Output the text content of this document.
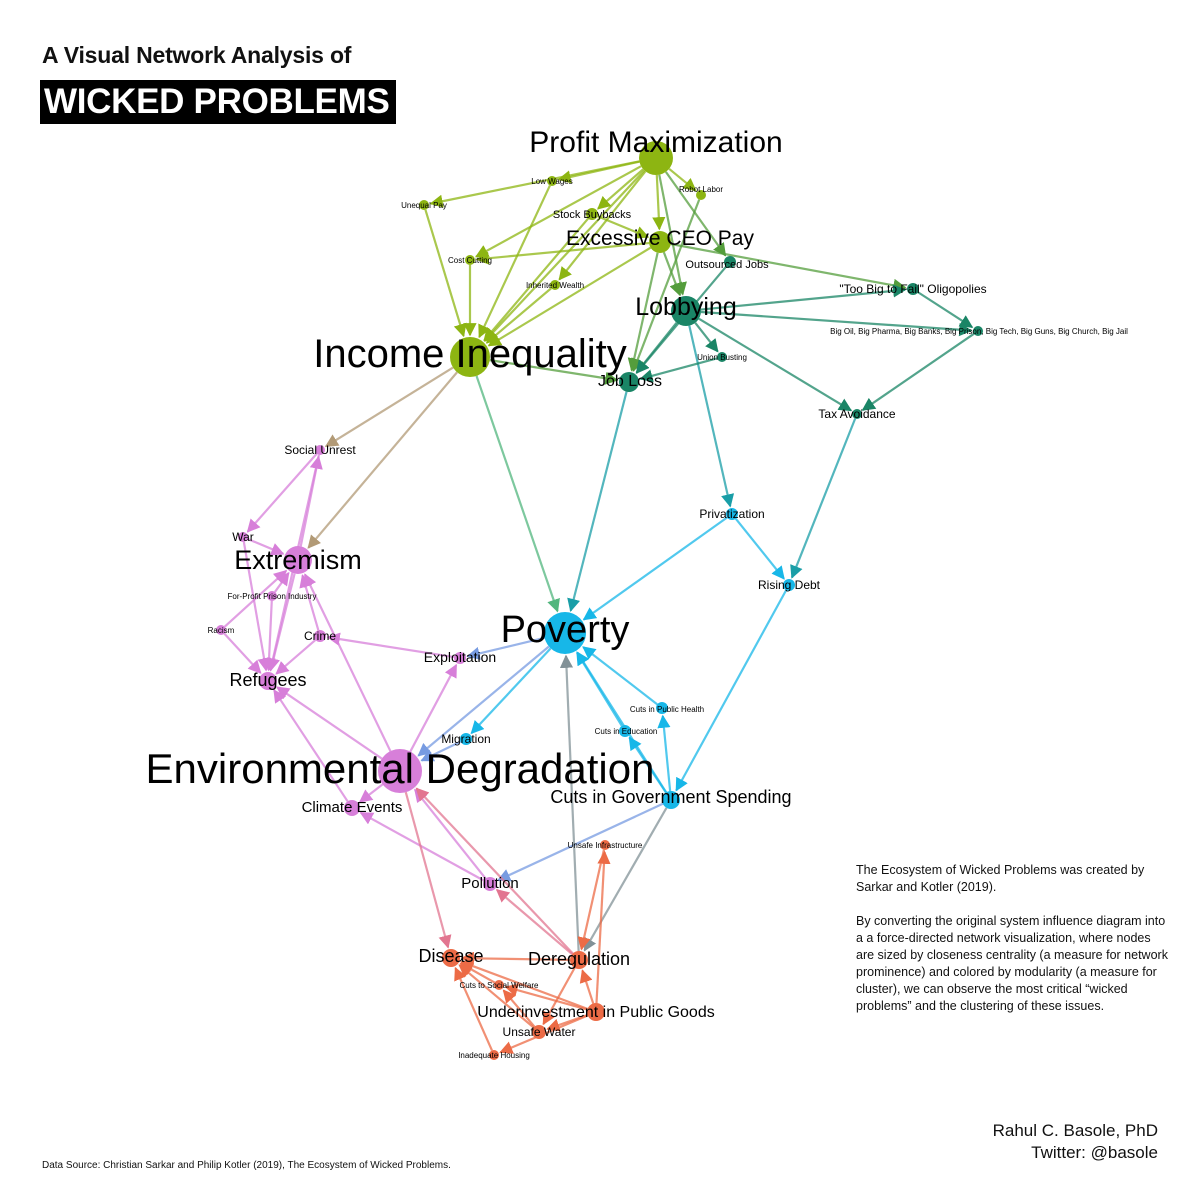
A Visual Network Analysis of
WICKED PROBLEMS
Profit Maximization
Low Wages
Robot Labor
Unequal Pay
Stock Buybacks
Excessive CEO Pay
Cost Cutting
Inherited Wealth
Income Inequality
Outsourced Jobs
Lobbying
"Too Big to Fail" Oligopolies
Big Oil, Big Pharma, Big Banks, Big Prison, Big Tech, Big Guns, Big Church, Big Jail
Union Busting
Job Loss
Tax Avoidance
Privatization
Rising Debt
Poverty
Cuts in Public Health
Cuts in Education
Migration
Cuts in Government Spending
Social Unrest
War
Extremism
For-Profit Prison Industry
Racism	Crime
Refugees
Exploitation
Environmental Degradation
Climate Events
Pollution
Unsafe Infrastructure
Disease Deregulation
Cuts to Social Welfare
Underinvestment in Public Goods
Unsafe Water
Inadequate Housing

The Ecosystem of Wicked Problems was created by Sarkar and Kotler (2019).

By converting the original system influence diagram into a a force-directed network visualization, where nodes are sized by closeness centrality (a measure for network prominence) and colored by modularity (a measure for cluster), we can observe the most critical “wicked problems” and the clustering of these issues.

Rahul C. Basole, PhD
Twitter: @basole
Data Source: Christian Sarkar and Philip Kotler (2019), The Ecosystem of Wicked Problems.
